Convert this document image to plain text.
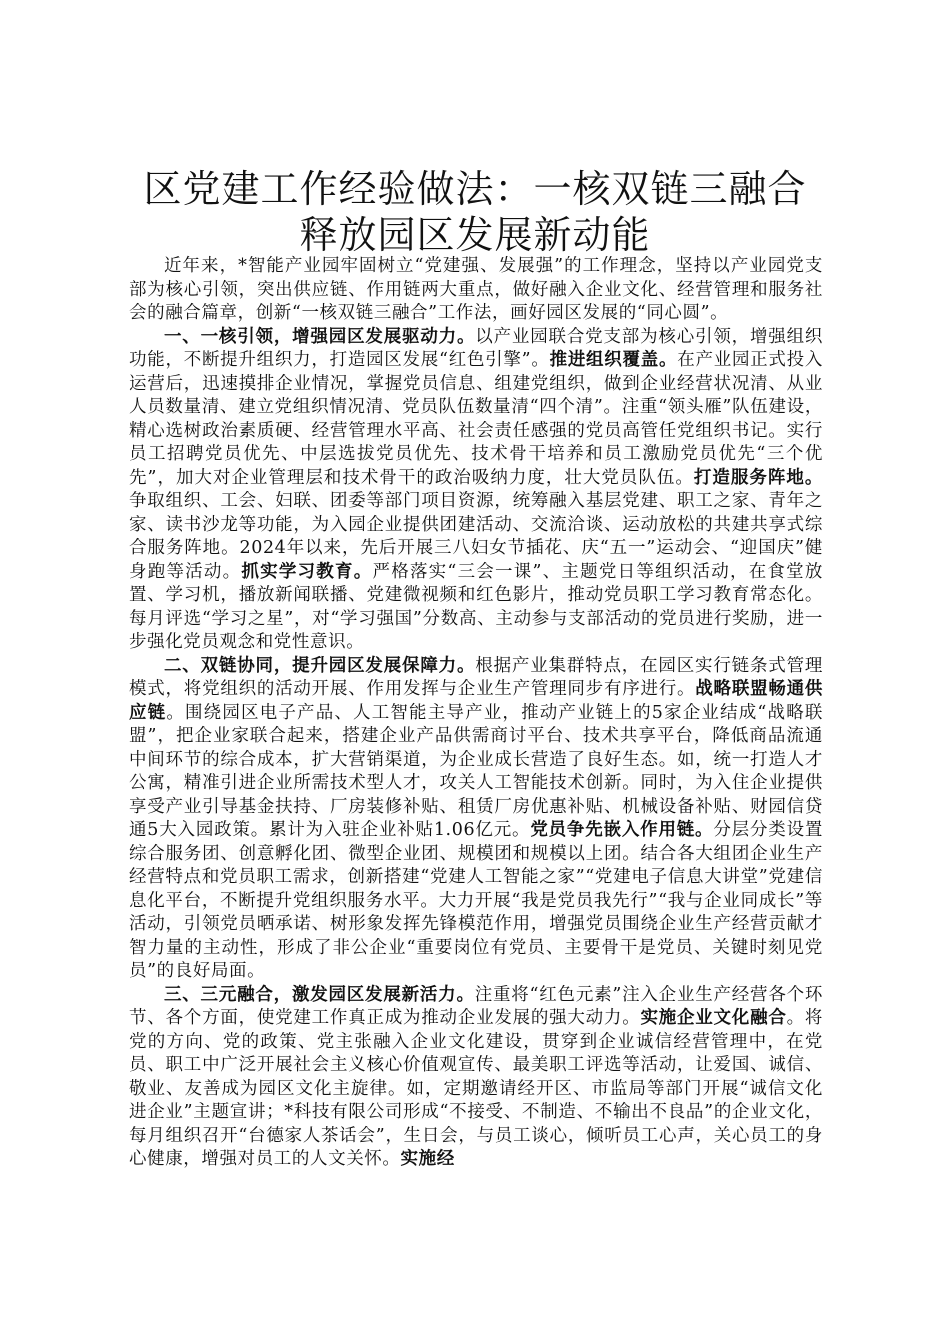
区党建工作经验做法：一核双链三融合 释放园区发展新动能

近年来，*智能产业园牢固树立“党建强、发展强”的工作理念，坚持以产业园党支部为核心引领，突出供应链、作用链两大重点，做好融入企业文化、经营管理和服务社会的融合篇章，创新“一核双链三融合”工作法，画好园区发展的“同心圆”。

一、一核引领，增强园区发展驱动力。以产业园联合党支部为核心引领，增强组织功能，不断提升组织力，打造园区发展“红色引擎”。推进组织覆盖。在产业园正式投入运营后，迅速摸排企业情况，掌握党员信息、组建党组织，做到企业经营状况清、从业人员数量清、建立党组织情况清、党员队伍数量清“四个清”。注重“领头雁”队伍建设，精心选树政治素质硬、经营管理水平高、社会责任感强的党员高管任党组织书记。实行员工招聘党员优先、中层选拔党员优先、技术骨干培养和员工激励党员优先“三个优先”，加大对企业管理层和技术骨干的政治吸纳力度，壮大党员队伍。打造服务阵地。争取组织、工会、妇联、团委等部门项目资源，统筹融入基层党建、职工之家、青年之家、读书沙龙等功能，为入园企业提供团建活动、交流洽谈、运动放松的共建共享式综合服务阵地。2024年以来，先后开展三八妇女节插花、庆“五一”运动会、“迎国庆”健身跑等活动。抓实学习教育。严格落实“三会一课”、主题党日等组织活动，在食堂放置、学习机，播放新闻联播、党建微视频和红色影片，推动党员职工学习教育常态化。每月评选“学习之星”，对“学习强国”分数高、主动参与支部活动的党员进行奖励，进一步强化党员观念和党性意识。

二、双链协同，提升园区发展保障力。根据产业集群特点，在园区实行链条式管理模式，将党组织的活动开展、作用发挥与企业生产管理同步有序进行。战略联盟畅通供应链。围绕园区电子产品、人工智能主导产业，推动产业链上的5家企业结成“战略联盟”，把企业家联合起来，搭建企业产品供需商讨平台、技术共享平台，降低商品流通中间环节的综合成本，扩大营销渠道，为企业成长营造了良好生态。如，统一打造人才公寓，精准引进企业所需技术型人才，攻关人工智能技术创新。同时，为入住企业提供享受产业引导基金扶持、厂房装修补贴、租赁厂房优惠补贴、机械设备补贴、财园信贷通5大入园政策。累计为入驻企业补贴1.06亿元。党员争先嵌入作用链。分层分类设置综合服务团、创意孵化团、微型企业团、规模团和规模以上团。结合各大组团企业生产经营特点和党员职工需求，创新搭建“党建人工智能之家”“党建电子信息大讲堂”党建信息化平台，不断提升党组织服务水平。大力开展“我是党员我先行”“我与企业同成长”等活动，引领党员晒承诺、树形象发挥先锋模范作用，增强党员围绕企业生产经营贡献才智力量的主动性，形成了非公企业“重要岗位有党员、主要骨干是党员、关键时刻见党员”的良好局面。

三、三元融合，激发园区发展新活力。注重将“红色元素”注入企业生产经营各个环节、各个方面，使党建工作真正成为推动企业发展的强大动力。实施企业文化融合。将党的方向、党的政策、党主张融入企业文化建设，贯穿到企业诚信经营管理中，在党员、职工中广泛开展社会主义核心价值观宣传、最美职工评选等活动，让爱国、诚信、敬业、友善成为园区文化主旋律。如，定期邀请经开区、市监局等部门开展“诚信文化进企业”主题宣讲；*科技有限公司形成“不接受、不制造、不输出不良品”的企业文化，每月组织召开“台德家人茶话会”，生日会，与员工谈心，倾听员工心声，关心员工的身心健康，增强对员工的人文关怀。实施经
